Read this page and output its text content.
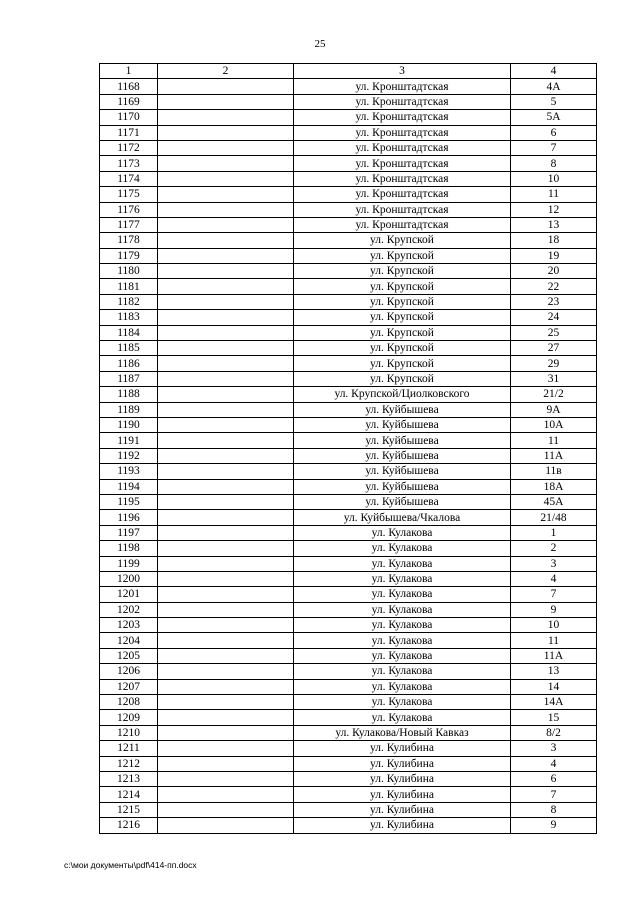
25
1	2	3	4
1168		ул. Кронштадтская	4А
1169		ул. Кронштадтская	5
1170		ул. Кронштадтская	5А
1171		ул. Кронштадтская	6
1172		ул. Кронштадтская	7
1173		ул. Кронштадтская	8
1174		ул. Кронштадтская	10
1175		ул. Кронштадтская	11
1176		ул. Кронштадтская	12
1177		ул. Кронштадтская	13
1178		ул. Крупской	18
1179		ул. Крупской	19
1180		ул. Крупской	20
1181		ул. Крупской	22
1182		ул. Крупской	23
1183		ул. Крупской	24
1184		ул. Крупской	25
1185		ул. Крупской	27
1186		ул. Крупской	29
1187		ул. Крупской	31
1188		ул. Крупской/Циолковского	21/2
1189		ул. Куйбышева	9А
1190		ул. Куйбышева	10А
1191		ул. Куйбышева	11
1192		ул. Куйбышева	11А
1193		ул. Куйбышева	11в
1194		ул. Куйбышева	18А
1195		ул. Куйбышева	45А
1196		ул. Куйбышева/Чкалова	21/48
1197		ул. Кулакова	1
1198		ул. Кулакова	2
1199		ул. Кулакова	3
1200		ул. Кулакова	4
1201		ул. Кулакова	7
1202		ул. Кулакова	9
1203		ул. Кулакова	10
1204		ул. Кулакова	11
1205		ул. Кулакова	11А
1206		ул. Кулакова	13
1207		ул. Кулакова	14
1208		ул. Кулакова	14А
1209		ул. Кулакова	15
1210		ул. Кулакова/Новый Кавказ	8/2
1211		ул. Кулибина	3
1212		ул. Кулибина	4
1213		ул. Кулибина	6
1214		ул. Кулибина	7
1215		ул. Кулибина	8
1216		ул. Кулибина	9
c:\мои документы\pdf\414-пп.docx
